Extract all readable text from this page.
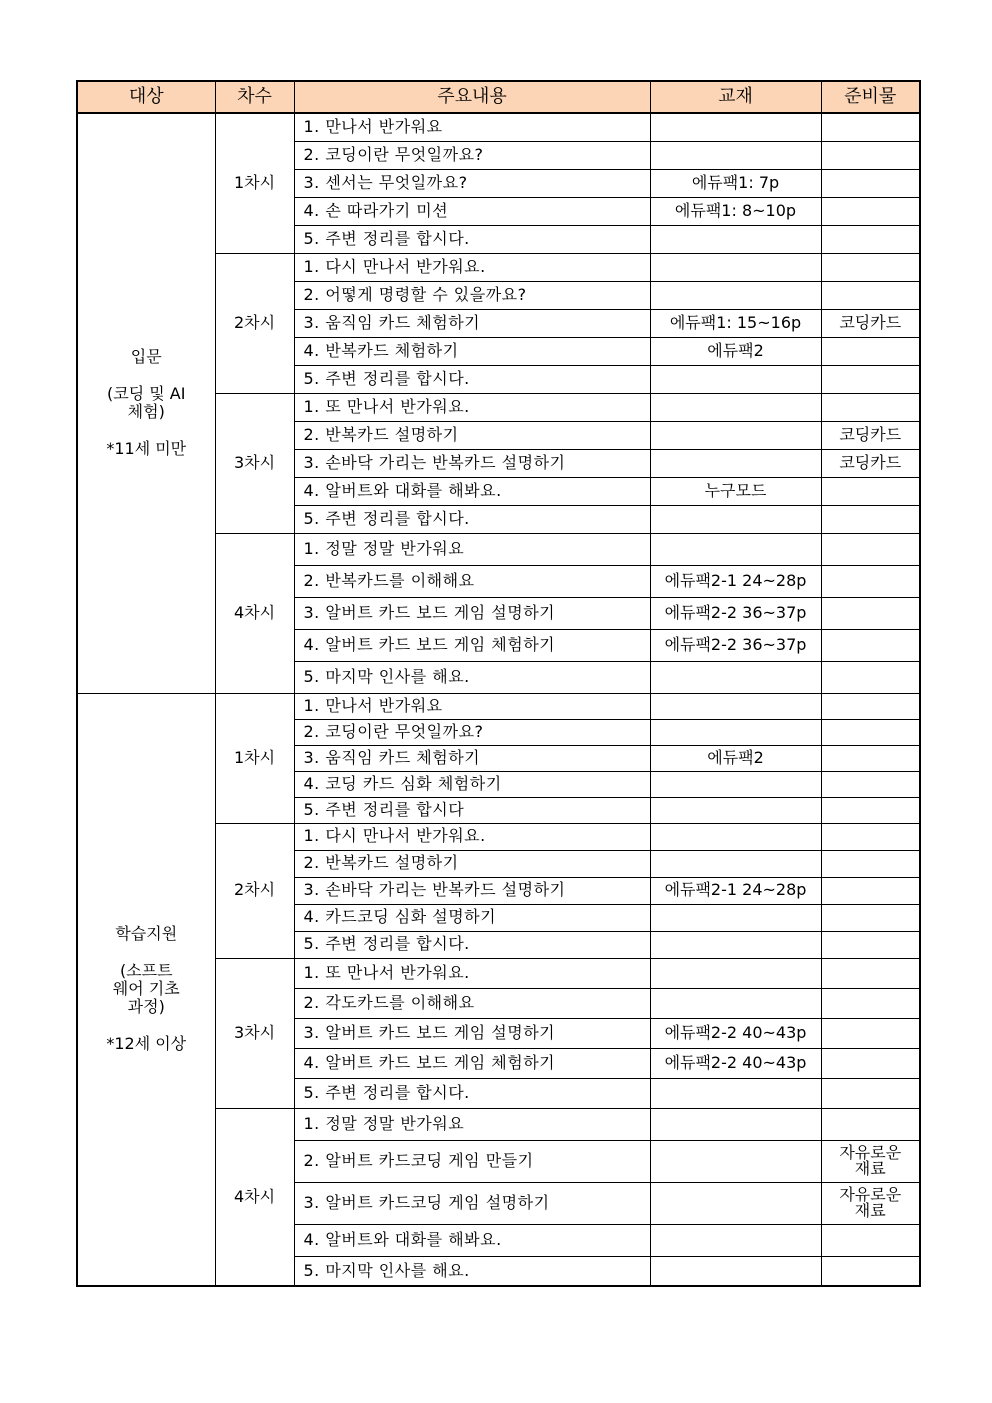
대상	차수	주요내용	교재	준비물
입문

(코딩 및 AI
체험)

*11세 미만	1차시	1. 만나서 반가워요		
		2. 코딩이란 무엇일까요?		
		3. 센서는 무엇일까요?	에듀팩1: 7p	
		4. 손 따라가기 미션	에듀팩1: 8~10p	
		5. 주변 정리를 합시다.		
	2차시	1. 다시 만나서 반가워요.		
		2. 어떻게 명령할 수 있을까요?		
		3. 움직임 카드 체험하기	에듀팩1: 15~16p	코딩카드
		4. 반복카드 체험하기	에듀팩2	
		5. 주변 정리를 합시다.		
	3차시	1. 또 만나서 반가워요.		
		2. 반복카드 설명하기		코딩카드
		3. 손바닥 가리는 반복카드 설명하기		코딩카드
		4. 알버트와 대화를 해봐요.	누구모드	
		5. 주변 정리를 합시다.		
	4차시	1. 정말 정말 반가워요		
		2. 반복카드를 이해해요	에듀팩2-1 24~28p	
		3. 알버트 카드 보드 게임 설명하기	에듀팩2-2 36~37p	
		4. 알버트 카드 보드 게임 체험하기	에듀팩2-2 36~37p	
		5. 마지막 인사를 해요.		
학습지원

(소프트
웨어 기초
과정)

*12세 이상	1차시	1. 만나서 반가워요		
		2. 코딩이란 무엇일까요?		
		3. 움직임 카드 체험하기	에듀팩2	
		4. 코딩 카드 심화 체험하기		
		5. 주변 정리를 합시다		
	2차시	1. 다시 만나서 반가워요.		
		2. 반복카드 설명하기		
		3. 손바닥 가리는 반복카드 설명하기	에듀팩2-1 24~28p	
		4. 카드코딩 심화 설명하기		
		5. 주변 정리를 합시다.		
	3차시	1. 또 만나서 반가워요.		
		2. 각도카드를 이해해요		
		3. 알버트 카드 보드 게임 설명하기	에듀팩2-2 40~43p	
		4. 알버트 카드 보드 게임 체험하기	에듀팩2-2 40~43p	
		5. 주변 정리를 합시다.		
	4차시	1. 정말 정말 반가워요		
		2. 알버트 카드코딩 게임 만들기		자유로운
재료
		3. 알버트 카드코딩 게임 설명하기		자유로운
재료
		4. 알버트와 대화를 해봐요.		
		5. 마지막 인사를 해요.		
